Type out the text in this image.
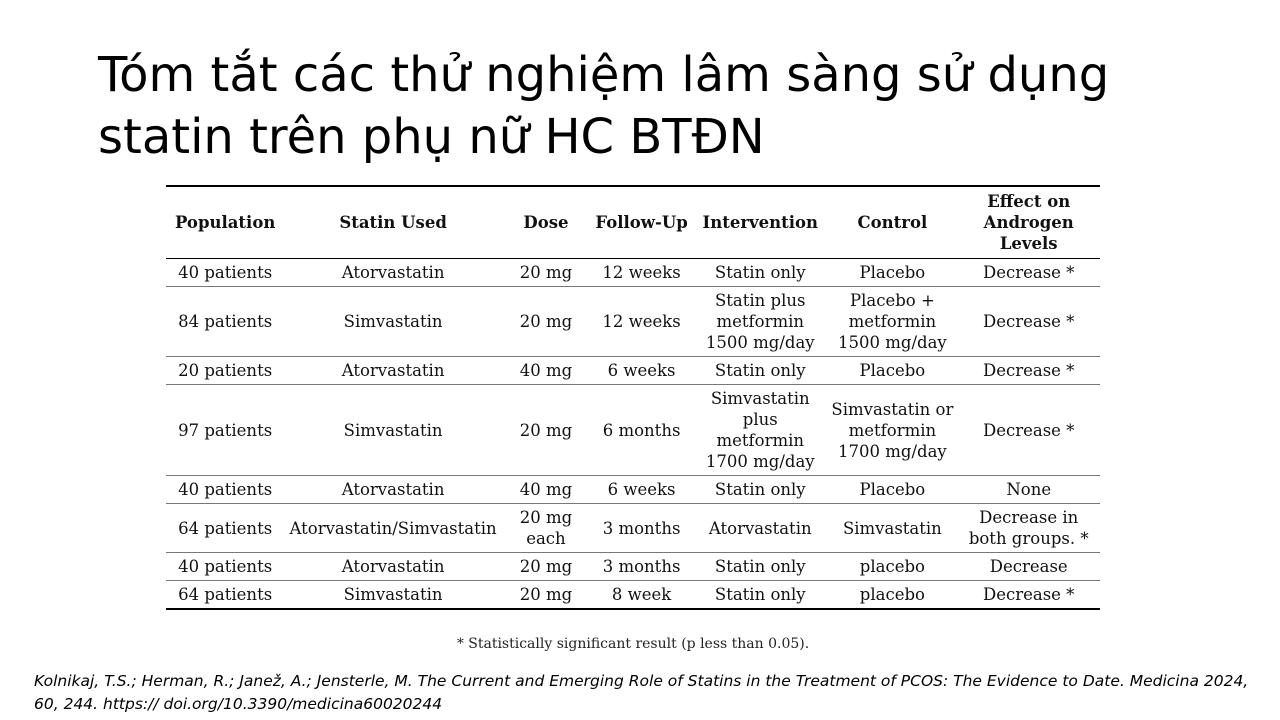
Tóm tắt các thử nghiệm lâm sàng sử dụng
statin trên phụ nữ HC BTĐN
Population	Statin Used	Dose	Follow-Up	Intervention	Control	Effect on Androgen Levels
40 patients	Atorvastatin	20 mg	12 weeks	Statin only	Placebo	Decrease *
84 patients	Simvastatin	20 mg	12 weeks	Statin plus metformin 1500 mg/day	Placebo + metformin 1500 mg/day	Decrease *
20 patients	Atorvastatin	40 mg	6 weeks	Statin only	Placebo	Decrease *
97 patients	Simvastatin	20 mg	6 months	Simvastatin plus metformin 1700 mg/day	Simvastatin or metformin 1700 mg/day	Decrease *
40 patients	Atorvastatin	40 mg	6 weeks	Statin only	Placebo	None
64 patients	Atorvastatin/Simvastatin	20 mg each	3 months	Atorvastatin	Simvastatin	Decrease in both groups. *
40 patients	Atorvastatin	20 mg	3 months	Statin only	placebo	Decrease
64 patients	Simvastatin	20 mg	8 week	Statin only	placebo	Decrease *
* Statistically significant result (p less than 0.05).
Kolnikaj, T.S.; Herman, R.; Janež, A.; Jensterle, M. The Current and Emerging Role of Statins in the Treatment of PCOS: The Evidence to Date. Medicina 2024, 60, 244. https:// doi.org/10.3390/medicina60020244
